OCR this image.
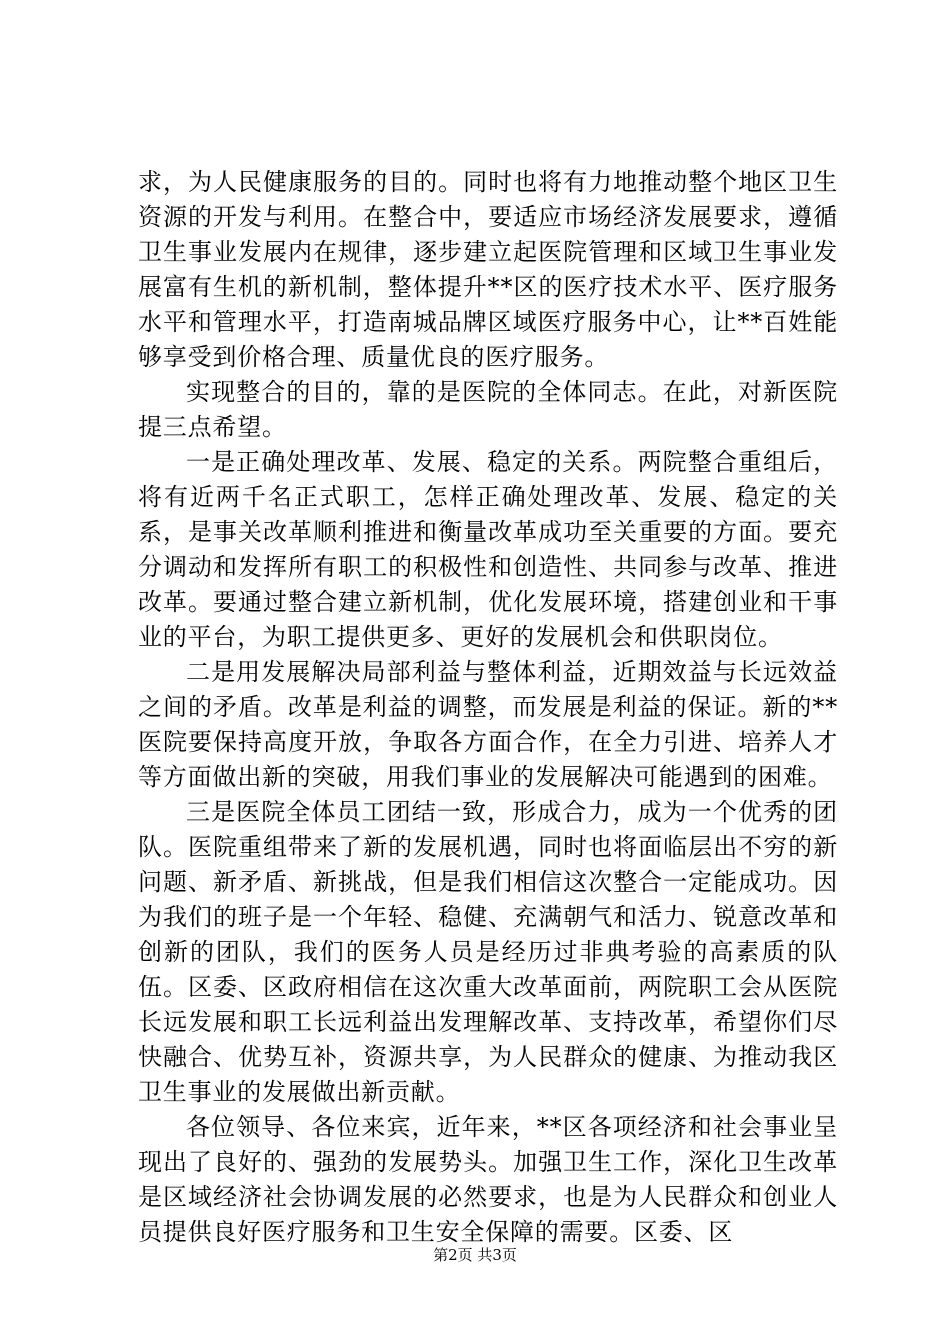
求，为人民健康服务的目的。同时也将有力地推动整个地区卫生资源的开发与利用。在整合中，要适应市场经济发展要求，遵循卫生事业发展内在规律，逐步建立起医院管理和区域卫生事业发展富有生机的新机制，整体提升**区的医疗技术水平、医疗服务水平和管理水平，打造南城品牌区域医疗服务中心，让**百姓能够享受到价格合理、质量优良的医疗服务。

实现整合的目的，靠的是医院的全体同志。在此，对新医院提三点希望。

一是正确处理改革、发展、稳定的关系。两院整合重组后，将有近两千名正式职工，怎样正确处理改革、发展、稳定的关系，是事关改革顺利推进和衡量改革成功至关重要的方面。要充分调动和发挥所有职工的积极性和创造性、共同参与改革、推进改革。要通过整合建立新机制，优化发展环境，搭建创业和干事业的平台，为职工提供更多、更好的发展机会和供职岗位。

二是用发展解决局部利益与整体利益，近期效益与长远效益之间的矛盾。改革是利益的调整，而发展是利益的保证。新的**医院要保持高度开放，争取各方面合作，在全力引进、培养人才等方面做出新的突破，用我们事业的发展解决可能遇到的困难。

三是医院全体员工团结一致，形成合力，成为一个优秀的团队。医院重组带来了新的发展机遇，同时也将面临层出不穷的新问题、新矛盾、新挑战，但是我们相信这次整合一定能成功。因为我们的班子是一个年轻、稳健、充满朝气和活力、锐意改革和创新的团队，我们的医务人员是经历过非典考验的高素质的队伍。区委、区政府相信在这次重大改革面前，两院职工会从医院长远发展和职工长远利益出发理解改革、支持改革，希望你们尽快融合、优势互补，资源共享，为人民群众的健康、为推动我区卫生事业的发展做出新贡献。

各位领导、各位来宾，近年来，**区各项经济和社会事业呈现出了良好的、强劲的发展势头。加强卫生工作，深化卫生改革是区域经济社会协调发展的必然要求，也是为人民群众和创业人员提供良好医疗服务和卫生安全保障的需要。区委、区

第2页 共3页
